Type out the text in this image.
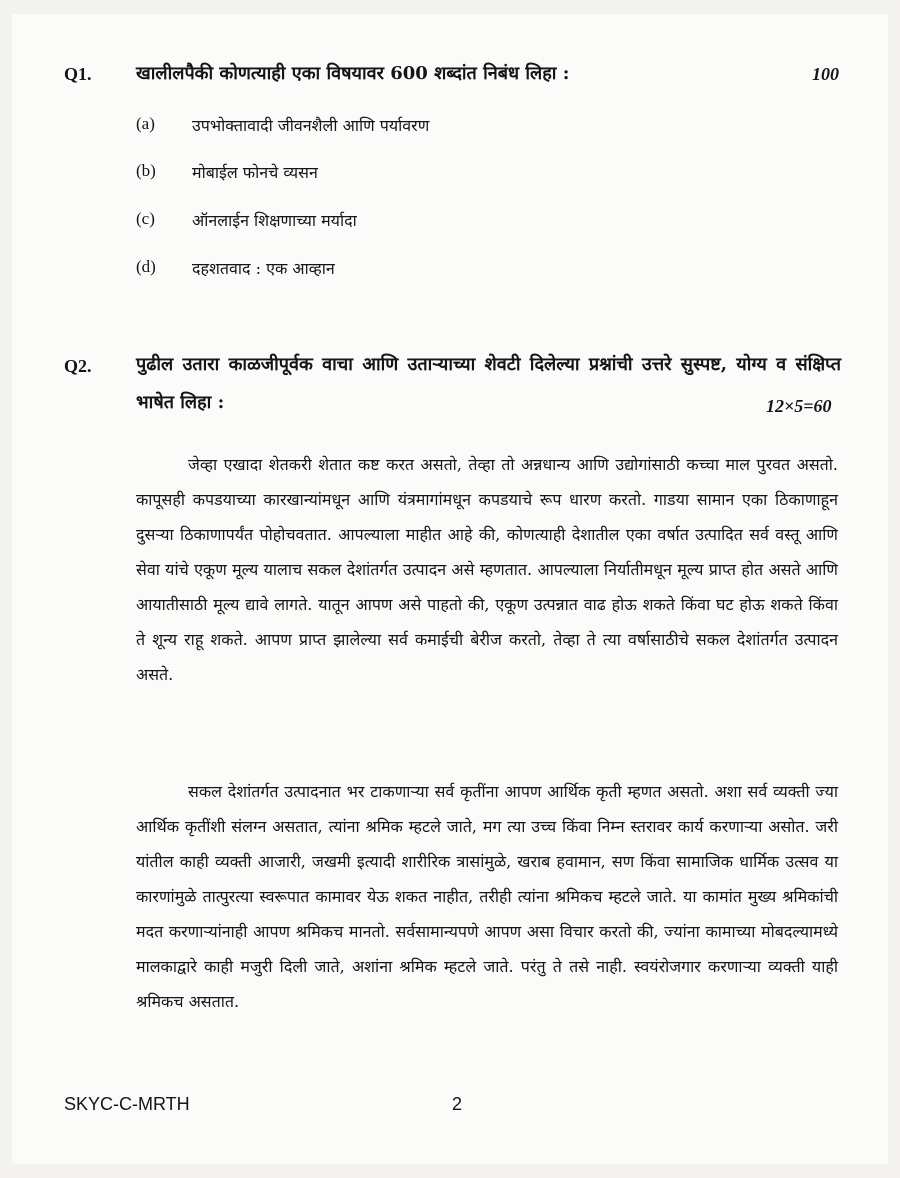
Q1. खालीलपैकी कोणत्याही एका विषयावर 600 शब्दांत निबंध लिहा :	100
(a) उपभोक्तावादी जीवनशैली आणि पर्यावरण
(b) मोबाईल फोनचे व्यसन
(c) ऑनलाईन शिक्षणाच्या मर्यादा
(d) दहशतवाद : एक आव्हान
Q2. पुढील उतारा काळजीपूर्वक वाचा आणि उताऱ्याच्या शेवटी दिलेल्या प्रश्नांची उत्तरे सुस्पष्ट, योग्य व संक्षिप्त भाषेत लिहा :	12×5=60

जेव्हा एखादा शेतकरी शेतात कष्ट करत असतो, तेव्हा तो अन्नधान्य आणि उद्योगांसाठी कच्चा माल पुरवत असतो. कापूसही कपडयाच्या कारखान्यांमधून आणि यंत्रमागांमधून कपडयाचे रूप धारण करतो. गाडया सामान एका ठिकाणाहून दुसऱ्या ठिकाणापर्यंत पोहोचवतात. आपल्याला माहीत आहे की, कोणत्याही देशातील एका वर्षात उत्पादित सर्व वस्तू आणि सेवा यांचे एकूण मूल्य यालाच सकल देशांतर्गत उत्पादन असे म्हणतात. आपल्याला निर्यातीमधून मूल्य प्राप्त होत असते आणि आयातीसाठी मूल्य द्यावे लागते. यातून आपण असे पाहतो की, एकूण उत्पन्नात वाढ होऊ शकते किंवा घट होऊ शकते किंवा ते शून्य राहू शकते. आपण प्राप्त झालेल्या सर्व कमाईची बेरीज करतो, तेव्हा ते त्या वर्षासाठीचे सकल देशांतर्गत उत्पादन असते.

सकल देशांतर्गत उत्पादनात भर टाकणाऱ्या सर्व कृतींना आपण आर्थिक कृती म्हणत असतो. अशा सर्व व्यक्ती ज्या आर्थिक कृतींशी संलग्न असतात, त्यांना श्रमिक म्हटले जाते, मग त्या उच्च किंवा निम्न स्तरावर कार्य करणाऱ्या असोत. जरी यांतील काही व्यक्ती आजारी, जखमी इत्यादी शारीरिक त्रासांमुळे, खराब हवामान, सण किंवा सामाजिक धार्मिक उत्सव या कारणांमुळे तात्पुरत्या स्वरूपात कामावर येऊ शकत नाहीत, तरीही त्यांना श्रमिकच म्हटले जाते. या कामांत मुख्य श्रमिकांची मदत करणाऱ्यांनाही आपण श्रमिकच मानतो. सर्वसामान्यपणे आपण असा विचार करतो की, ज्यांना कामाच्या मोबदल्यामध्ये मालकाद्वारे काही मजुरी दिली जाते, अशांना श्रमिक म्हटले जाते. परंतु ते तसे नाही. स्वयंरोजगार करणाऱ्या व्यक्ती याही श्रमिकच असतात.

SKYC-C-MRTH	2
